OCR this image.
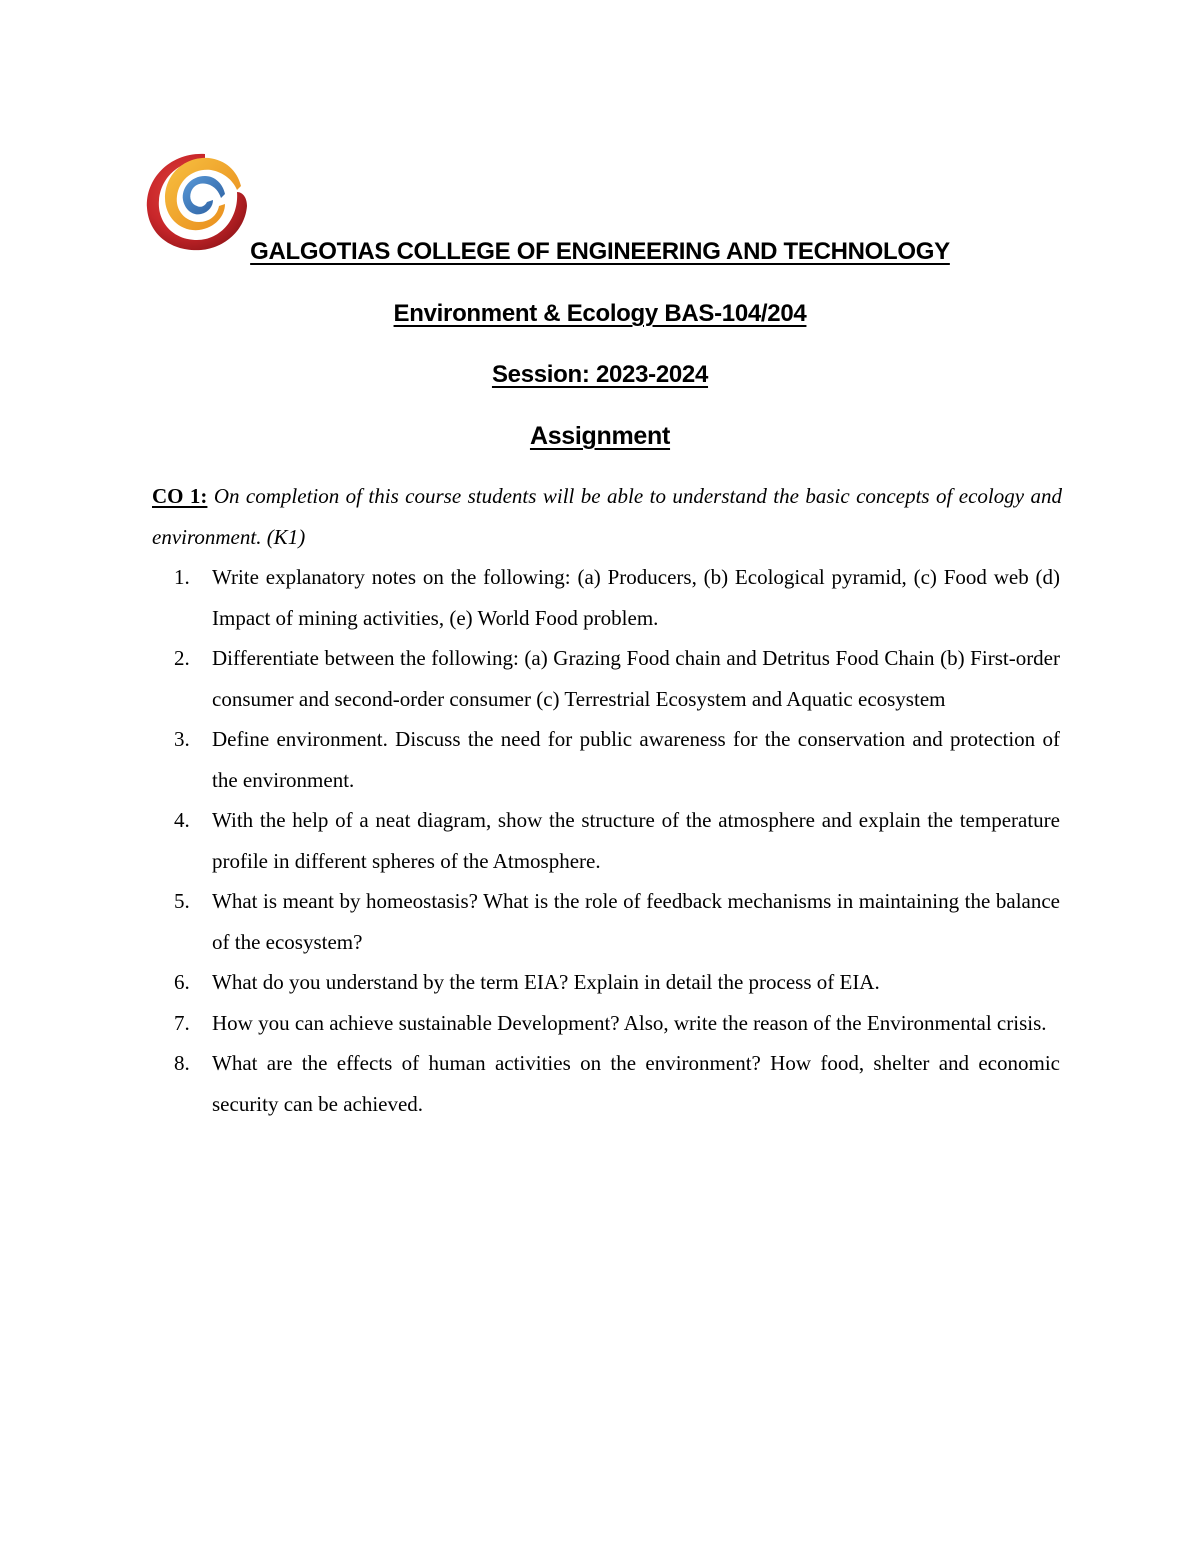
GALGOTIAS COLLEGE OF ENGINEERING AND TECHNOLOGY
Environment & Ecology BAS-104/204
Session: 2023-2024
Assignment
CO 1: On completion of this course students will be able to understand the basic concepts of ecology and environment. (K1)
1. Write explanatory notes on the following: (a) Producers, (b) Ecological pyramid, (c) Food web (d) Impact of mining activities, (e) World Food problem.
2. Differentiate between the following: (a) Grazing Food chain and Detritus Food Chain (b) First-order consumer and second-order consumer (c) Terrestrial Ecosystem and Aquatic ecosystem
3. Define environment. Discuss the need for public awareness for the conservation and protection of the environment.
4. With the help of a neat diagram, show the structure of the atmosphere and explain the temperature profile in different spheres of the Atmosphere.
5. What is meant by homeostasis? What is the role of feedback mechanisms in maintaining the balance of the ecosystem?
6. What do you understand by the term EIA? Explain in detail the process of EIA.
7. How you can achieve sustainable Development? Also, write the reason of the Environmental crisis.
8. What are the effects of human activities on the environment? How food, shelter and economic security can be achieved.
